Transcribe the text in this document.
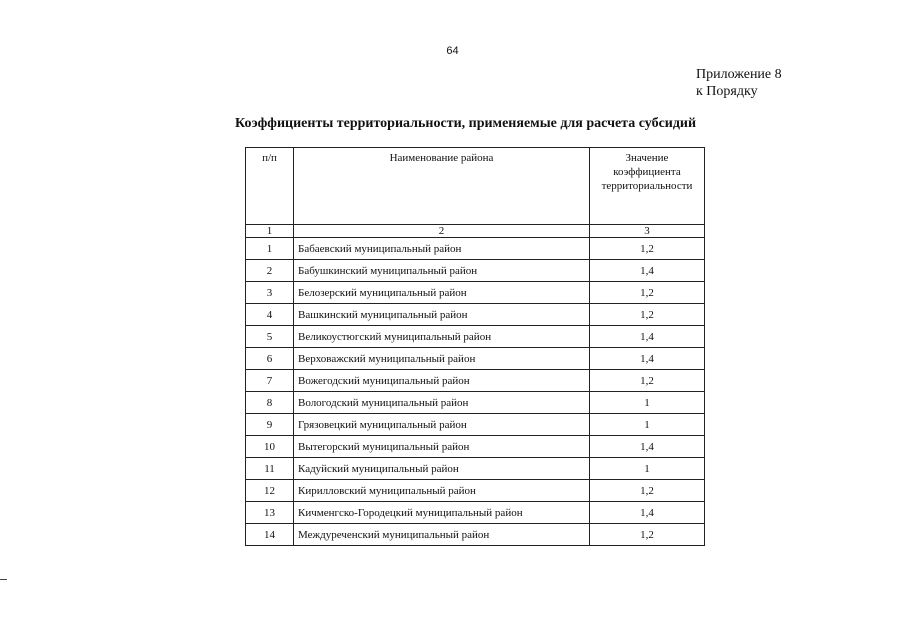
64
Приложение 8
к Порядку
Коэффициенты территориальности, применяемые для расчета субсидий
п/п	Наименование района	Значение коэффициента территориальности
1	2	3
1	Бабаевский муниципальный район	1,2
2	Бабушкинский муниципальный район	1,4
3	Белозерский муниципальный район	1,2
4	Вашкинский муниципальный район	1,2
5	Великоустюгский муниципальный район	1,4
6	Верховажский муниципальный район	1,4
7	Вожегодский муниципальный район	1,2
8	Вологодский муниципальный район	1
9	Грязовецкий муниципальный район	1
10	Вытегорский муниципальный район	1,4
11	Кадуйский муниципальный район	1
12	Кирилловский муниципальный район	1,2
13	Кичменгско-Городецкий муниципальный район	1,4
14	Междуреченский муниципальный район	1,2
